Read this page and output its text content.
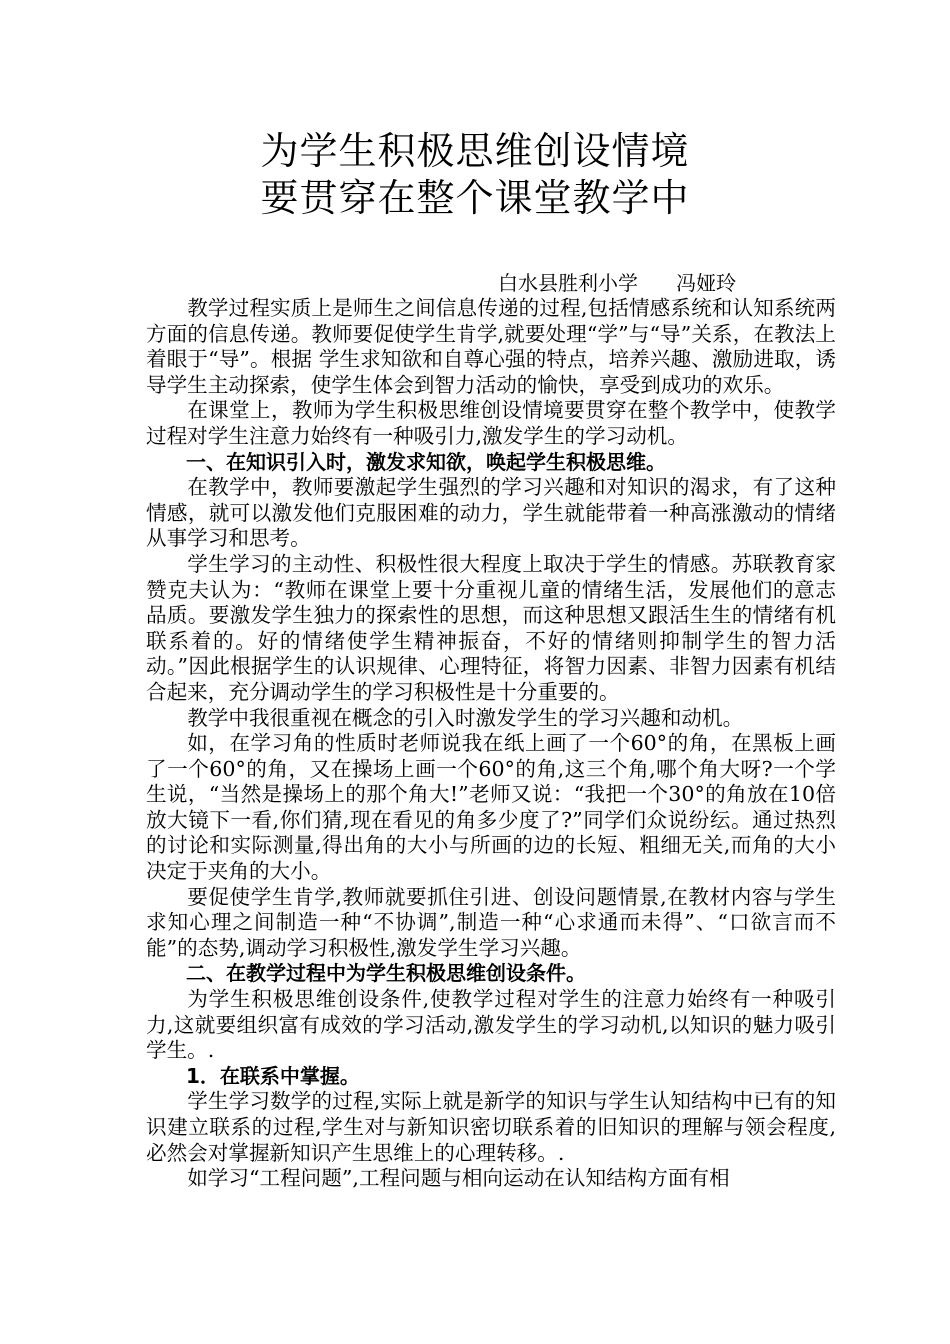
为学生积极思维创设情境
要贯穿在整个课堂教学中
白水县胜利小学      冯娅玲

教学过程实质上是师生之间信息传递的过程,包括情感系统和认知系统两方面的信息传递。教师要促使学生肯学,就要处理“学”与“导”关系，在教法上着眼于“导”。根据 学生求知欲和自尊心强的特点，培养兴趣、激励进取，诱导学生主动探索，使学生体会到智力活动的愉快，享受到成功的欢乐。

在课堂上，教师为学生积极思维创设情境要贯穿在整个教学中，使教学过程对学生注意力始终有一种吸引力,激发学生的学习动机。

一、在知识引入时，激发求知欲，唤起学生积极思维。

在教学中，教师要激起学生强烈的学习兴趣和对知识的渴求，有了这种情感，就可以激发他们克服困难的动力，学生就能带着一种高涨激动的情绪从事学习和思考。

学生学习的主动性、积极性很大程度上取决于学生的情感。苏联教育家赞克夫认为：“教师在课堂上要十分重视儿童的情绪生活，发展他们的意志品质。要激发学生独力的探索性的思想，而这种思想又跟活生生的情绪有机联系着的。好的情绪使学生精神振奋，不好的情绪则抑制学生的智力活动。”因此根据学生的认识规律、心理特征，将智力因素、非智力因素有机结合起来，充分调动学生的学习积极性是十分重要的。

教学中我很重视在概念的引入时激发学生的学习兴趣和动机。

如，在学习角的性质时老师说我在纸上画了一个60°的角，在黑板上画了一个60°的角，又在操场上画一个60°的角,这三个角,哪个角大呀?一个学生说，“当然是操场上的那个角大!”老师又说：“我把一个30°的角放在10倍放大镜下一看,你们猜,现在看见的角多少度了?”同学们众说纷纭。通过热烈的讨论和实际测量,得出角的大小与所画的边的长短、粗细无关,而角的大小决定于夹角的大小。

要促使学生肯学,教师就要抓住引进、创设问题情景,在教材内容与学生求知心理之间制造一种“不协调”,制造一种“心求通而未得”、“口欲言而不能”的态势,调动学习积极性,激发学生学习兴趣。

二、在教学过程中为学生积极思维创设条件。

为学生积极思维创设条件,使教学过程对学生的注意力始终有一种吸引力,这就要组织富有成效的学习活动,激发学生的学习动机,以知识的魅力吸引学生。.

1．在联系中掌握。

学生学习数学的过程,实际上就是新学的知识与学生认知结构中已有的知识建立联系的过程,学生对与新知识密切联系着的旧知识的理解与领会程度,必然会对掌握新知识产生思维上的心理转移。.

如学习“工程问题”,工程问题与相向运动在认知结构方面有相
